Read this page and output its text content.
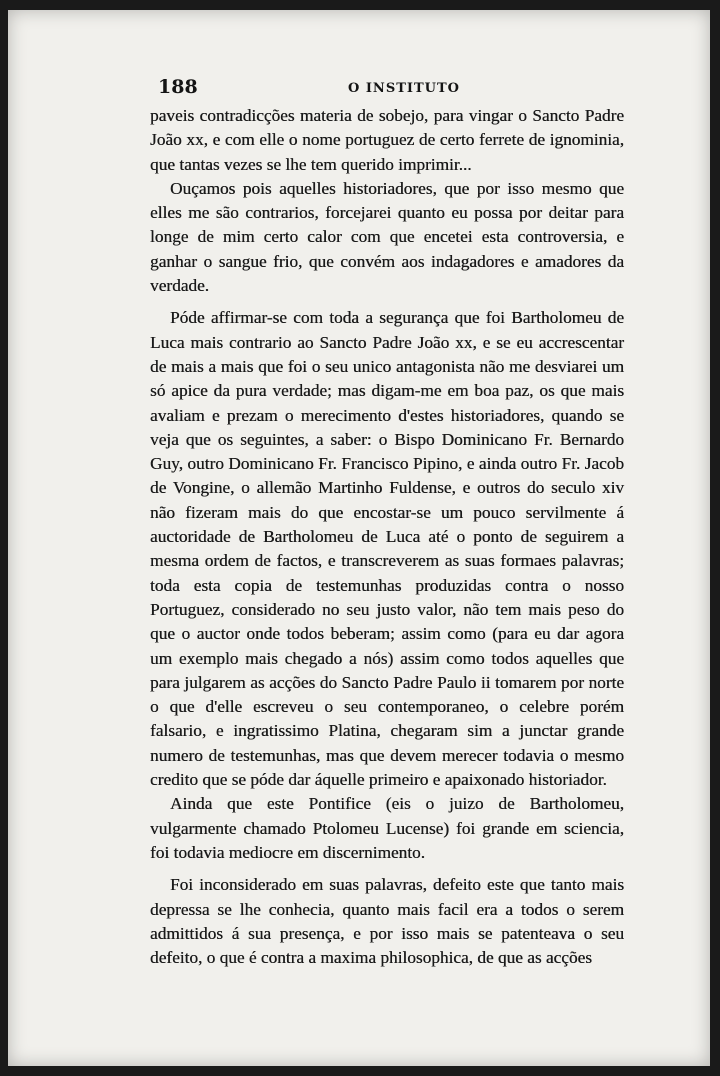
188	O INSTITUTO

paveis contradicções materia de sobejo, para vingar o Sancto Padre João xx, e com elle o nome portuguez de certo ferrete de ignominia, que tantas vezes se lhe tem querido imprimir...

Ouçamos pois aquelles historiadores, que por isso mesmo que elles me são contrarios, forcejarei quanto eu possa por deitar para longe de mim certo calor com que encetei esta controversia, e ganhar o sangue frio, que convém aos indagadores e amadores da verdade.

Póde affirmar-se com toda a segurança que foi Bartholomeu de Luca mais contrario ao Sancto Padre João xx, e se eu accrescentar de mais a mais que foi o seu unico antagonista não me desviarei um só apice da pura verdade; mas digam-me em boa paz, os que mais avaliam e prezam o merecimento d'estes historiadores, quando se veja que os seguintes, a saber: o Bispo Dominicano Fr. Bernardo Guy, outro Dominicano Fr. Francisco Pipino, e ainda outro Fr. Jacob de Vongine, o allemão Martinho Fuldense, e outros do seculo xiv não fizeram mais do que encostar-se um pouco servilmente á auctoridade de Bartholomeu de Luca até o ponto de seguirem a mesma ordem de factos, e transcreverem as suas formaes palavras; toda esta copia de testemunhas produzidas contra o nosso Portuguez, considerado no seu justo valor, não tem mais peso do que o auctor onde todos beberam; assim como (para eu dar agora um exemplo mais chegado a nós) assim como todos aquelles que para julgarem as acções do Sancto Padre Paulo ii tomarem por norte o que d'elle escreveu o seu contemporaneo, o celebre porém falsario, e ingratissimo Platina, chegaram sim a junctar grande numero de testemunhas, mas que devem merecer todavia o mesmo credito que se póde dar áquelle primeiro e apaixonado historiador.

Ainda que este Pontifice (eis o juizo de Bartholomeu, vulgarmente chamado Ptolomeu Lucense) foi grande em sciencia, foi todavia mediocre em discernimento.

Foi inconsiderado em suas palavras, defeito este que tanto mais depressa se lhe conhecia, quanto mais facil era a todos o serem admittidos á sua presença, e por isso mais se patenteava o seu defeito, o que é contra a maxima philosophica, de que as acções
